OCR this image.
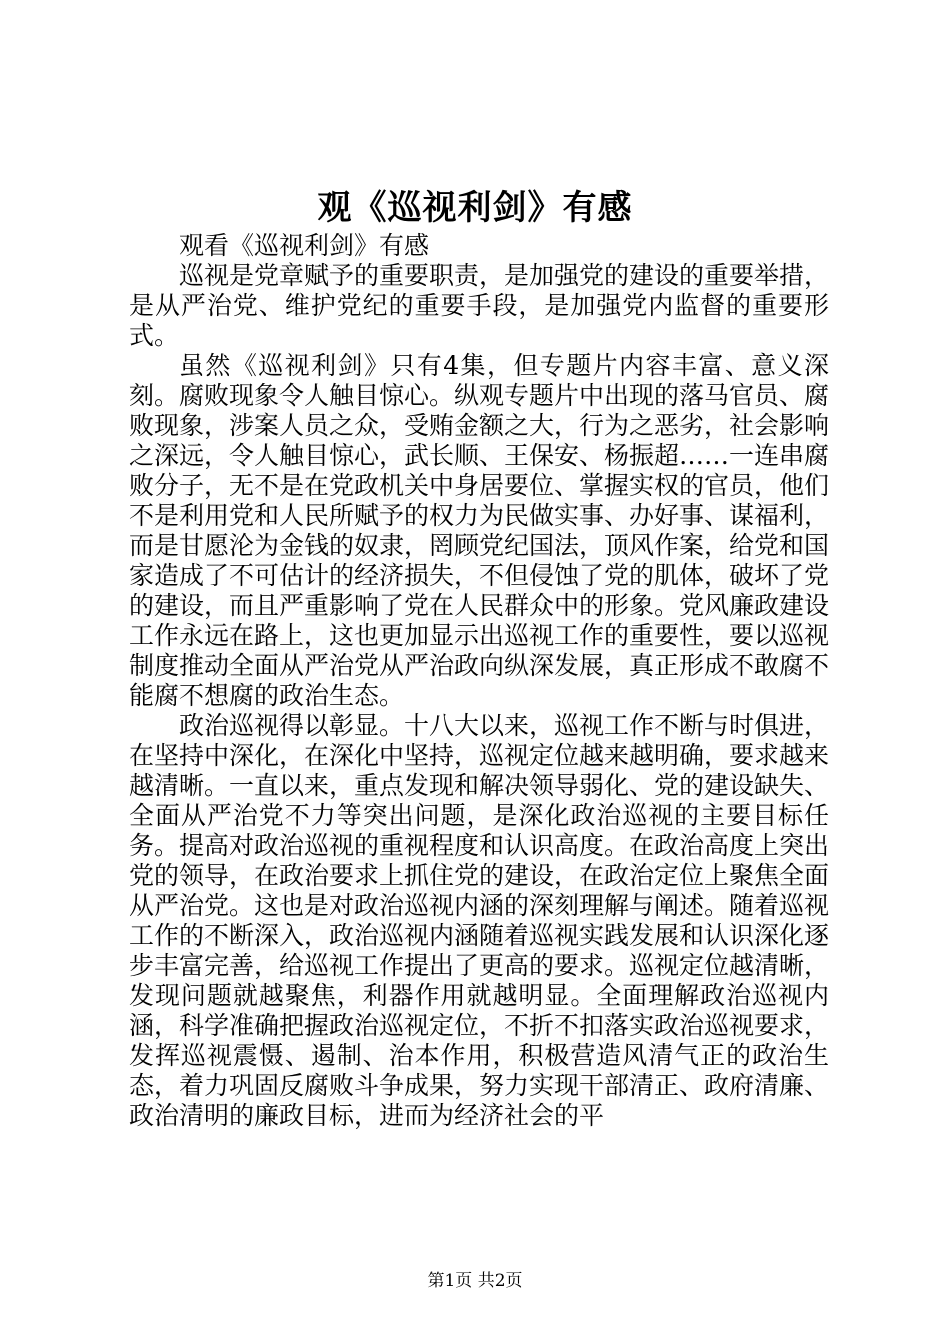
观《巡视利剑》有感

观看《巡视利剑》有感

巡视是党章赋予的重要职责，是加强党的建设的重要举措，是从严治党、维护党纪的重要手段，是加强党内监督的重要形式。

虽然《巡视利剑》只有4集，但专题片内容丰富、意义深刻。腐败现象令人触目惊心。纵观专题片中出现的落马官员、腐败现象，涉案人员之众，受贿金额之大，行为之恶劣，社会影响之深远，令人触目惊心，武长顺、王保安、杨振超……一连串腐败分子，无不是在党政机关中身居要位、掌握实权的官员，他们不是利用党和人民所赋予的权力为民做实事、办好事、谋福利，而是甘愿沦为金钱的奴隶，罔顾党纪国法，顶风作案，给党和国家造成了不可估计的经济损失，不但侵蚀了党的肌体，破坏了党的建设，而且严重影响了党在人民群众中的形象。党风廉政建设工作永远在路上，这也更加显示出巡视工作的重要性，要以巡视制度推动全面从严治党从严治政向纵深发展，真正形成不敢腐不能腐不想腐的政治生态。

政治巡视得以彰显。十八大以来，巡视工作不断与时俱进，在坚持中深化，在深化中坚持，巡视定位越来越明确，要求越来越清晰。一直以来，重点发现和解决领导弱化、党的建设缺失、全面从严治党不力等突出问题，是深化政治巡视的主要目标任务。提高对政治巡视的重视程度和认识高度。在政治高度上突出党的领导，在政治要求上抓住党的建设，在政治定位上聚焦全面从严治党。这也是对政治巡视内涵的深刻理解与阐述。随着巡视工作的不断深入，政治巡视内涵随着巡视实践发展和认识深化逐步丰富完善，给巡视工作提出了更高的要求。巡视定位越清晰，发现问题就越聚焦，利器作用就越明显。全面理解政治巡视内涵，科学准确把握政治巡视定位，不折不扣落实政治巡视要求，发挥巡视震慑、遏制、治本作用，积极营造风清气正的政治生态，着力巩固反腐败斗争成果，努力实现干部清正、政府清廉、政治清明的廉政目标，进而为经济社会的平

第1页 共2页
